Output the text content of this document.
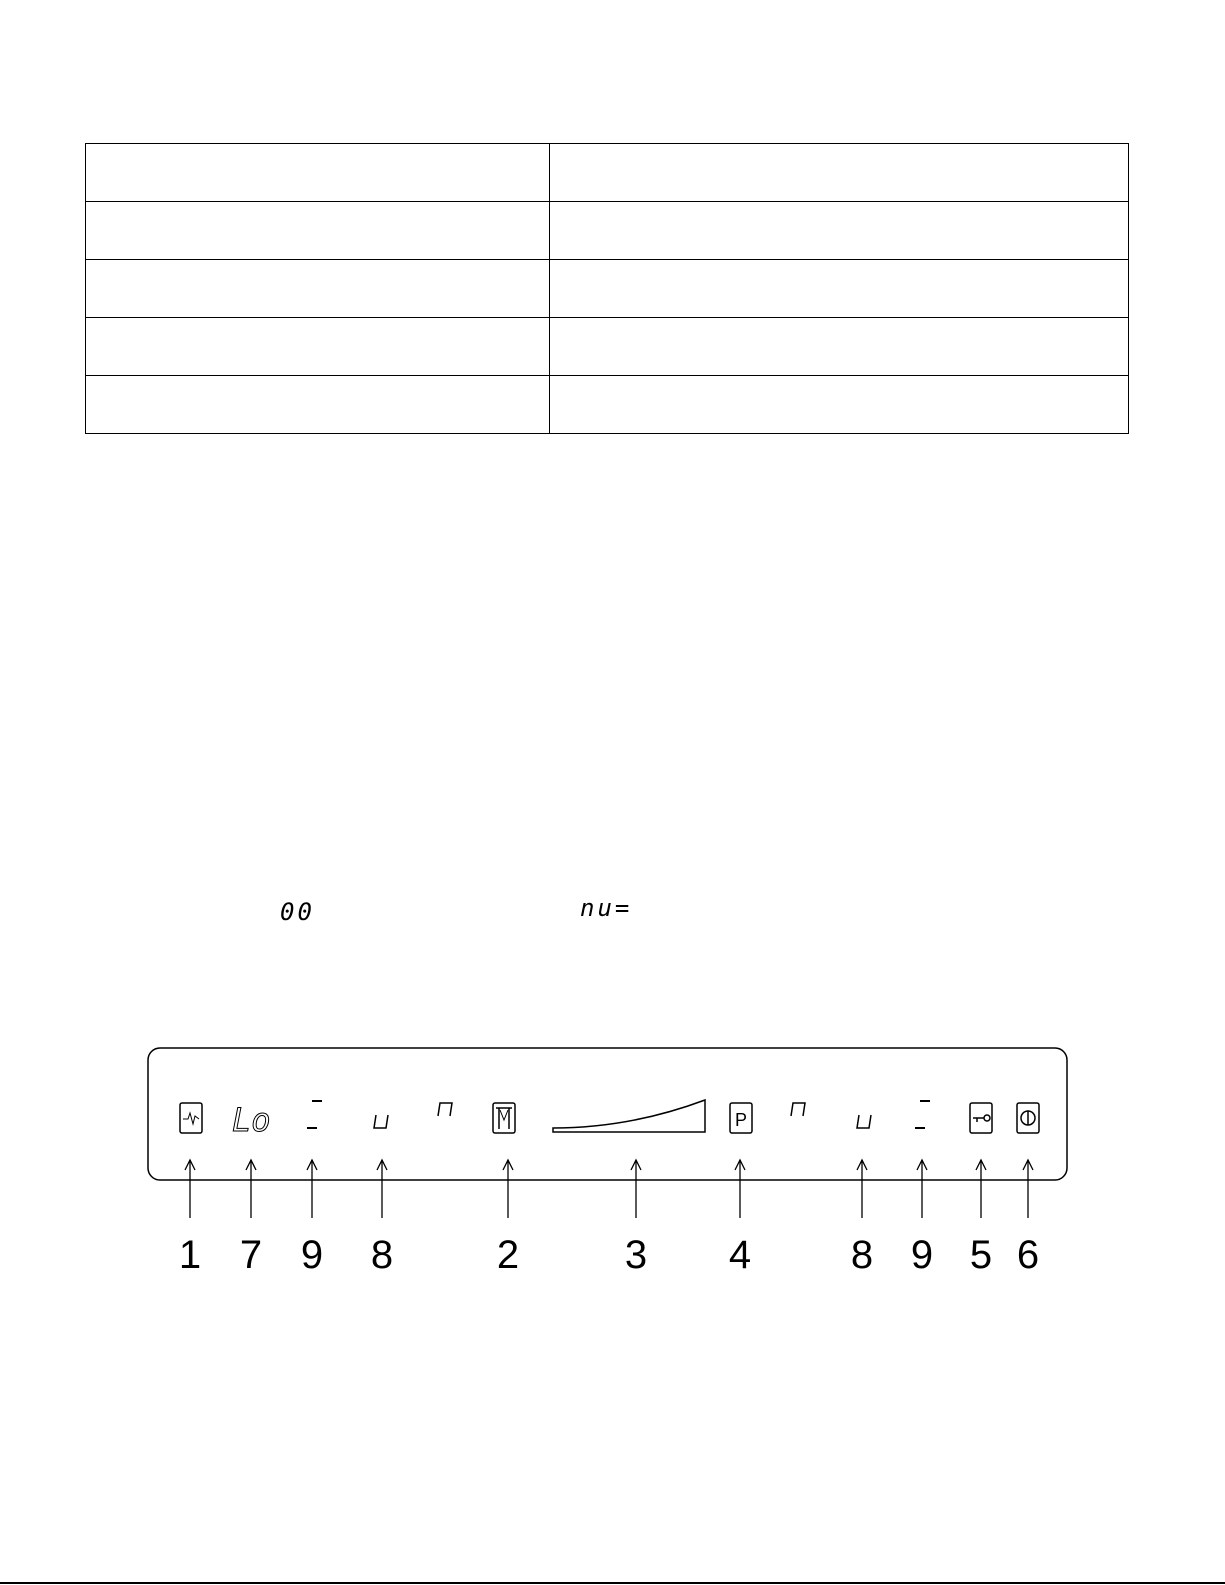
00	nu=
Lo	P
1 7 9 8	2	3 4 8 9 5 6
